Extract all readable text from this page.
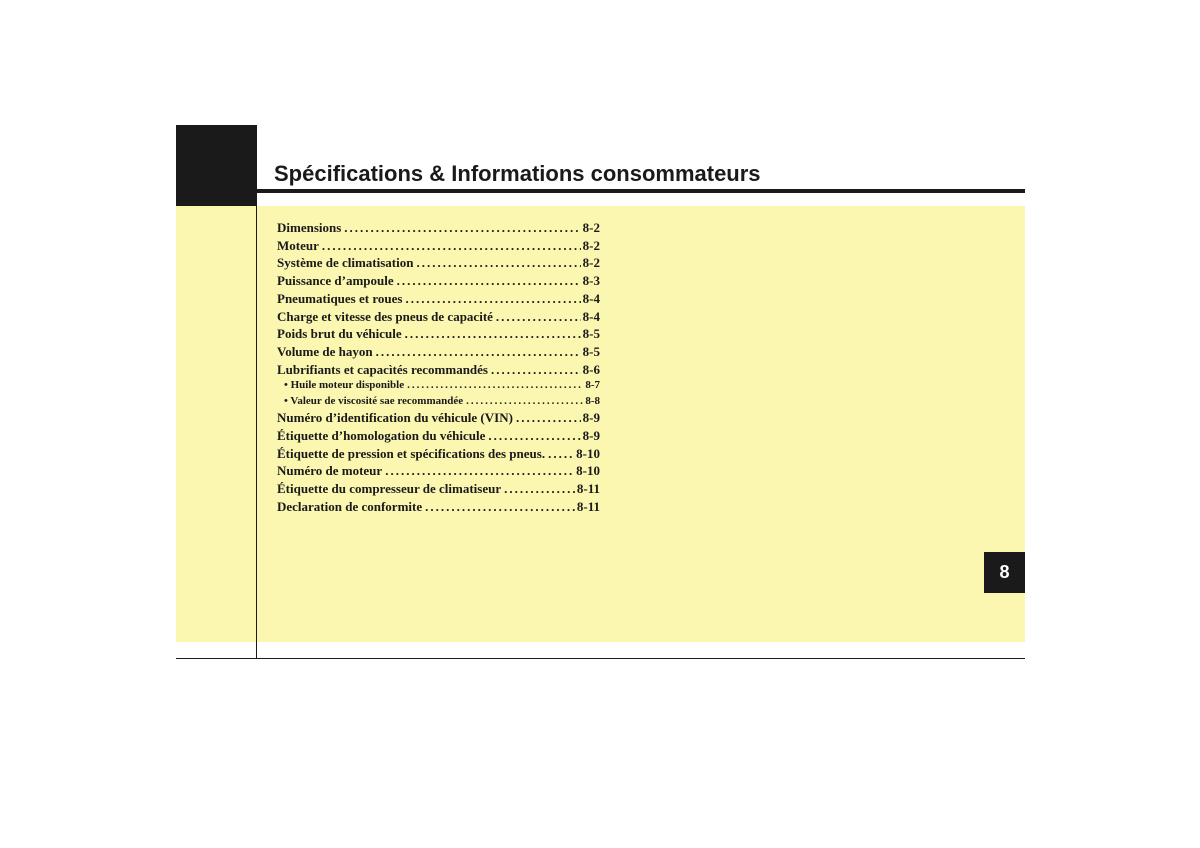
Spécifications & Informations consommateurs
Dimensions .....	8-2
Moteur .....	8-2
Système de climatisation .....	8-2
Puissance d’ampoule .....	8-3
Pneumatiques et roues .....	8-4
Charge et vitesse des pneus de capacité .....	8-4
Poids brut du véhicule .....	8-5
Volume de hayon .....	8-5
Lubrifiants et capacìtés recommandés .....	8-6
• Huile moteur disponible .....	8-7
• Valeur de viscosité sae recommandée .....	8-8
Numéro d’identification du véhicule (VIN) .....	8-9
Étiquette d’homologation du véhicule .....	8-9
Étiquette de pression et spécifications des pneus. ..... 8-10
Numéro de moteur .....	8-10
Étiquette du compresseur de climatiseur .....	8-11
Declaration de conformite .....	8-11
8
